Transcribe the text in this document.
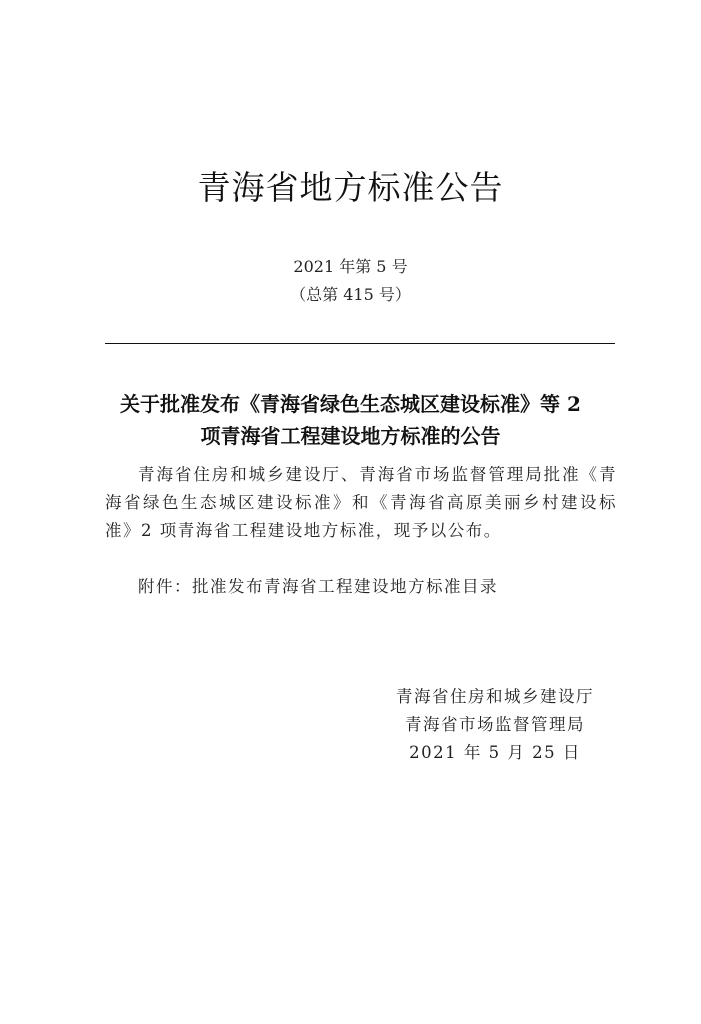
青海省地方标准公告
2021 年第 5 号
（总第 415 号）
关于批准发布《青海省绿色生态城区建设标准》等 2 项青海省工程建设地方标准的公告
青海省住房和城乡建设厅、青海省市场监督管理局批准《青海省绿色生态城区建设标准》和《青海省高原美丽乡村建设标准》2 项青海省工程建设地方标准，现予以公布。
附件：批准发布青海省工程建设地方标准目录
青海省住房和城乡建设厅
青海省市场监督管理局
2021 年 5 月 25 日
